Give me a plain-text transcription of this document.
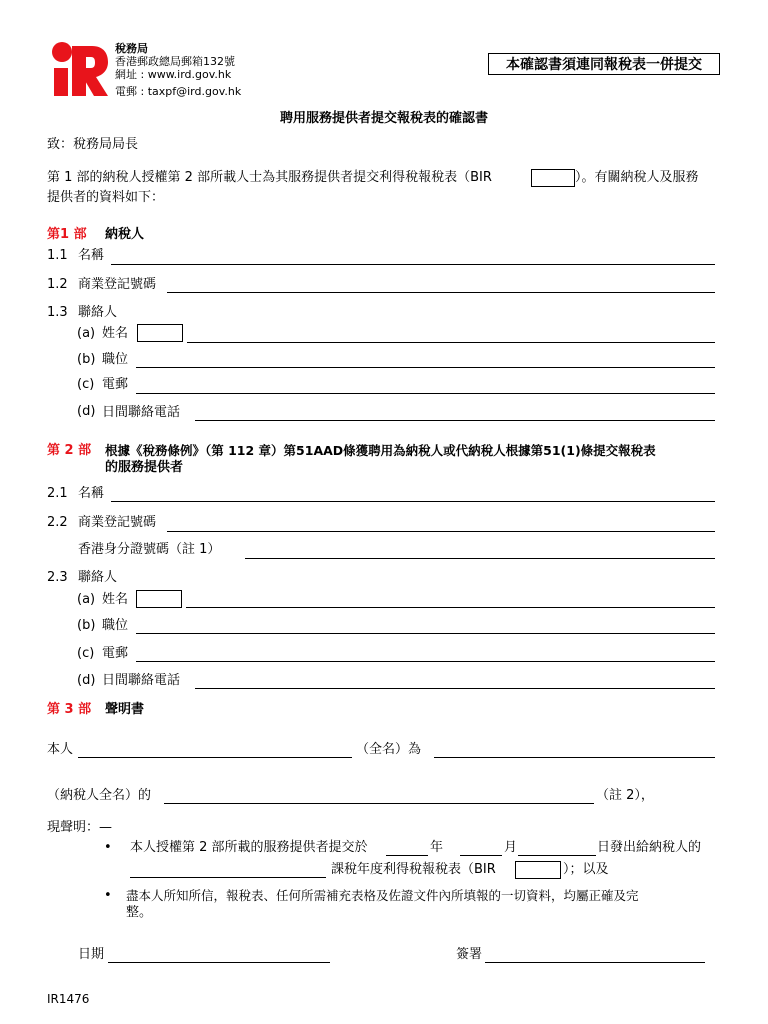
稅務局
香港郵政總局郵箱132號
網址 : www.ird.gov.hk
電郵 : taxpf@ird.gov.hk
本確認書須連同報稅表一併提交
聘用服務提供者提交報稅表的確認書
致：稅務局局長
第 1 部的納稅人授權第 2 部所載人士為其服務提供者提交利得稅報稅表（BIR	）。有關納稅人及服務
提供者的資料如下：
第1 部 納稅人
1.1 名稱
1.2 商業登記號碼
1.3 聯絡人
(a) 姓名
(b) 職位
(c) 電郵
(d) 日間聯絡電話
第 2 部 根據《稅務條例》（第 112 章）第51AAD條獲聘用為納稅人或代納稅人根據第51(1)條提交報稅表
的服務提供者
2.1 名稱
2.2 商業登記號碼
香港身分證號碼（註 1）
2.3 聯絡人
(a) 姓名
(b) 職位
(c) 電郵
(d) 日間聯絡電話
第 3 部 聲明書
本人	（全名）為
（納稅人全名）的	（註 2），
現聲明：—
• 本人授權第 2 部所載的服務提供者提交於	年	月	日發出給納稅人的
課稅年度利得稅報稅表（BIR	）；以及
• 盡本人所知所信，報稅表、任何所需補充表格及佐證文件內所填報的一切資料，均屬正確及完
整。
日期	簽署
IR1476
